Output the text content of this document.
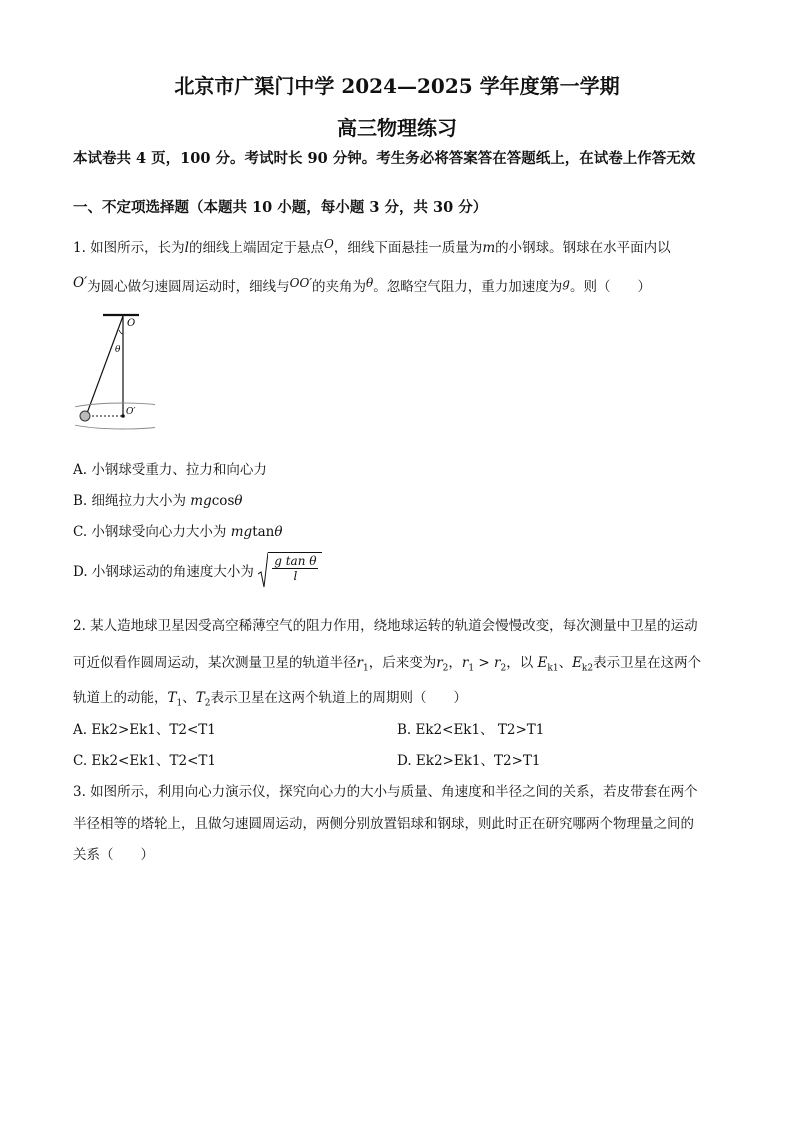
北京市广渠门中学 2024—2025 学年度第一学期
高三物理练习
本试卷共 4 页，100 分。考试时长 90 分钟。考生务必将答案答在答题纸上，在试卷上作答无效
一、不定项选择题（本题共 10 小题，每小题 3 分，共 30 分）
1. 如图所示，长为l的细线上端固定于悬点O，细线下面悬挂一质量为m的小钢球。钢球在水平面内以
O′为圆心做匀速圆周运动时，细线与OO′的夹角为θ。忽略空气阻力，重力加速度为g。则（　　）
O
θ
O′
A. 小钢球受重力、拉力和向心力
B. 细绳拉力大小为 mgcosθ
C. 小钢球受向心力大小为 mgtanθ
D. 小钢球运动的角速度大小为 $\frac{\text{g tan θ}}{l}$
2. 某人造地球卫星因受高空稀薄空气的阻力作用，绕地球运转的轨道会慢慢改变，每次测量中卫星的运动
可近似看作圆周运动，某次测量卫星的轨道半径$r_1$，后来变为$r_2$，$r_1 > r_2$，以 $E_{k1}$、$E_{k2}$表示卫星在这两个
轨道上的动能，$T_1$、$T_2$表示卫星在这两个轨道上的周期则（　　）
A. Ek2>Ek1、T2<T1	B. Ek2<Ek1、 T2>T1
C. Ek2<Ek1、T2<T1	D. Ek2>Ek1、T2>T1
3. 如图所示，利用向心力演示仪，探究向心力的大小与质量、角速度和半径之间的关系，若皮带套在两个
半径相等的塔轮上，且做匀速圆周运动，两侧分别放置铝球和钢球，则此时正在研究哪两个物理量之间的
关系（　　）
